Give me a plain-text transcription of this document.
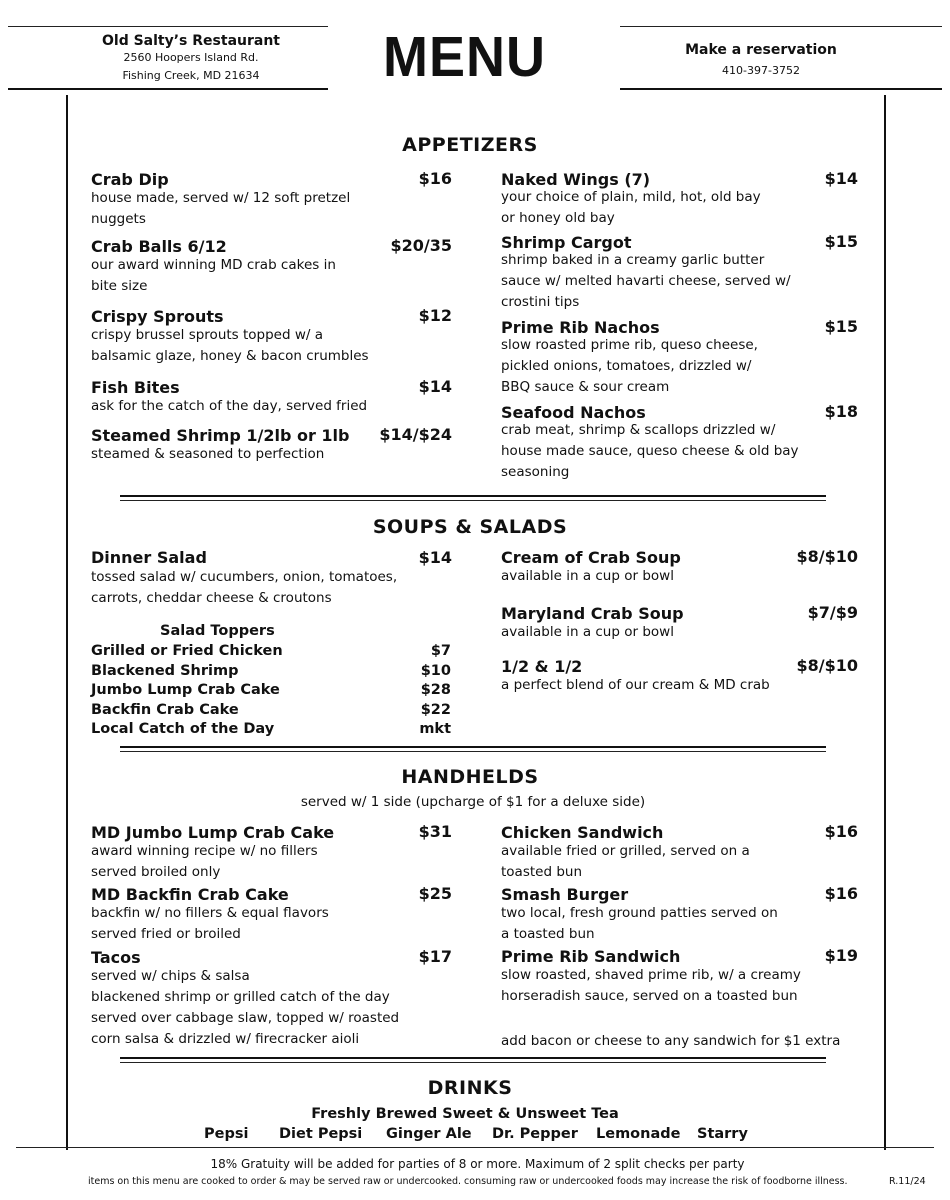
Old Salty’s Restaurant
2560 Hoopers Island Rd.
Fishing Creek, MD 21634	MENU	Make a reservation
410-397-3752
APPETIZERS
Crab Dip	$16
house made, served w/ 12 soft pretzel
nuggets
Crab Balls 6/12	$20/35
our award winning MD crab cakes in
bite size
Crispy Sprouts	$12
crispy brussel sprouts topped w/ a
balsamic glaze, honey & bacon crumbles
Fish Bites	$14
ask for the catch of the day, served fried
Steamed Shrimp 1/2lb or 1lb	$14/$24
steamed & seasoned to perfection
Naked Wings (7)	$14
your choice of plain, mild, hot, old bay
or honey old bay
Shrimp Cargot	$15
shrimp baked in a creamy garlic butter
sauce w/ melted havarti cheese, served w/
crostini tips
Prime Rib Nachos	$15
slow roasted prime rib, queso cheese,
pickled onions, tomatoes, drizzled w/
BBQ sauce & sour cream
Seafood Nachos	$18
crab meat, shrimp & scallops drizzled w/
house made sauce, queso cheese & old bay
seasoning
SOUPS & SALADS
Dinner Salad	$14
tossed salad w/ cucumbers, onion, tomatoes,
carrots, cheddar cheese & croutons
Salad Toppers
Grilled or Fried Chicken	$7
Blackened Shrimp	$10
Jumbo Lump Crab Cake	$28
Backfin Crab Cake	$22
Local Catch of the Day	mkt
Cream of Crab Soup	$8/$10
available in a cup or bowl
Maryland Crab Soup	$7/$9
available in a cup or bowl
1/2 & 1/2	$8/$10
a perfect blend of our cream & MD crab
HANDHELDS
served w/ 1 side (upcharge of $1 for a deluxe side)
MD Jumbo Lump Crab Cake	$31
award winning recipe w/ no fillers
served broiled only
MD Backfin Crab Cake	$25
backfin w/ no fillers & equal flavors
served fried or broiled
Tacos	$17
served w/ chips & salsa
blackened shrimp or grilled catch of the day
served over cabbage slaw, topped w/ roasted
corn salsa & drizzled w/ firecracker aioli
Chicken Sandwich	$16
available fried or grilled, served on a
toasted bun
Smash Burger	$16
two local, fresh ground patties served on
a toasted bun
Prime Rib Sandwich	$19
slow roasted, shaved prime rib, w/ a creamy
horseradish sauce, served on a toasted bun
add bacon or cheese to any sandwich for $1 extra
DRINKS
Freshly Brewed Sweet & Unsweet Tea
Pepsi Diet Pepsi Ginger Ale Dr. Pepper Lemonade Starry
18% Gratuity will be added for parties of 8 or more. Maximum of 2 split checks per party
items on this menu are cooked to order & may be served raw or undercooked. consuming raw or undercooked foods may increase the risk of foodborne illness.	R.11/24
